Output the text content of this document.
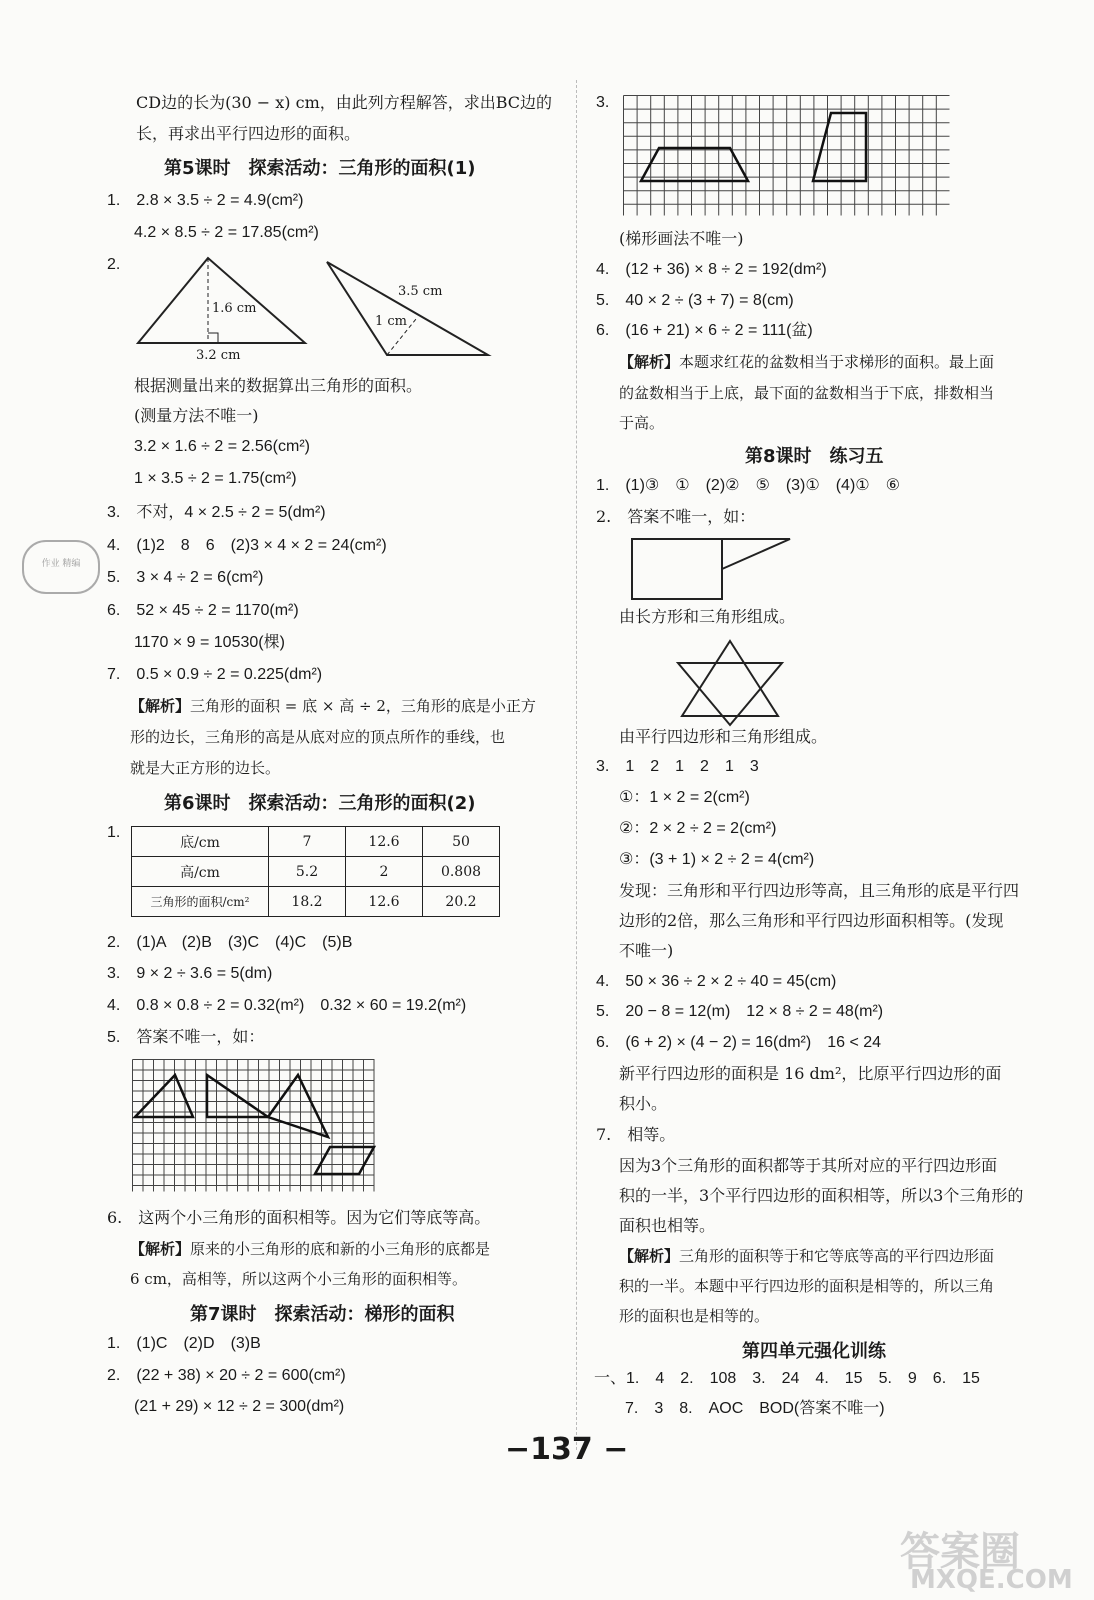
CD边的长为(30 − x) cm，由此列方程解答，求出BC边的
长，再求出平行四边形的面积。
第5课时　探索活动：三角形的面积(1)
1.　2.8 × 3.5 ÷ 2 = 4.9(cm²)
4.2 × 8.5 ÷ 2 = 17.85(cm²)
2.
1.6 cm
3.2 cm
3.5 cm
1 cm
根据测量出来的数据算出三角形的面积。
(测量方法不唯一)
3.2 × 1.6 ÷ 2 = 2.56(cm²)
1 × 3.5 ÷ 2 = 1.75(cm²)
3.　不对，4 × 2.5 ÷ 2 = 5(dm²)
4.　(1)2　8　6　(2)3 × 4 × 2 = 24(cm²)
5.　3 × 4 ÷ 2 = 6(cm²)
6.　52 × 45 ÷ 2 = 1170(m²)
1170 × 9 = 10530(棵)
7.　0.5 × 0.9 ÷ 2 = 0.225(dm²)
【解析】三角形的面积 = 底 × 高 ÷ 2，三角形的底是小正方
形的边长，三角形的高是从底对应的顶点所作的垂线，也
就是大正方形的边长。
作业 精编
第6课时　探索活动：三角形的面积(2)
1.
底/cm	7	12.6	50
高/cm	5.2	2	0.808
三角形的面积/cm²	18.2	12.6	20.2
2.　(1)A　(2)B　(3)C　(4)C　(5)B
3.　9 × 2 ÷ 3.6 = 5(dm)
4.　0.8 × 0.8 ÷ 2 = 0.32(m²)　0.32 × 60 = 19.2(m²)
5.　答案不唯一，如：
6.　这两个小三角形的面积相等。因为它们等底等高。
【解析】原来的小三角形的底和新的小三角形的底都是
6 cm，高相等，所以这两个小三角形的面积相等。
第7课时　探索活动：梯形的面积
1.　(1)C　(2)D　(3)B
2.　(22 + 38) × 20 ÷ 2 = 600(cm²)
(21 + 29) × 12 ÷ 2 = 300(dm²)
3.
(梯形画法不唯一)
4.　(12 + 36) × 8 ÷ 2 = 192(dm²)
5.　40 × 2 ÷ (3 + 7) = 8(cm)
6.　(16 + 21) × 6 ÷ 2 = 111(盆)
【解析】本题求红花的盆数相当于求梯形的面积。最上面
的盆数相当于上底，最下面的盆数相当于下底，排数相当
于高。
第8课时　练习五
1.　(1)③　①　(2)②　⑤　(3)①　(4)①　⑥
2.　答案不唯一，如：
由长方形和三角形组成。
由平行四边形和三角形组成。
3.　1　2　1　2　1　3
①：1 × 2 = 2(cm²)
②：2 × 2 ÷ 2 = 2(cm²)
③：(3 + 1) × 2 ÷ 2 = 4(cm²)
发现：三角形和平行四边形等高，且三角形的底是平行四
边形的2倍，那么三角形和平行四边形面积相等。(发现
不唯一)
4.　50 × 36 ÷ 2 × 2 ÷ 40 = 45(cm)
5.　20 − 8 = 12(m)　12 × 8 ÷ 2 = 48(m²)
6.　(6 + 2) × (4 − 2) = 16(dm²)　16 < 24
新平行四边形的面积是 16 dm²，比原平行四边形的面
积小。
7.　相等。
因为3个三角形的面积都等于其所对应的平行四边形面
积的一半，3个平行四边形的面积相等，所以3个三角形的
面积也相等。
【解析】三角形的面积等于和它等底等高的平行四边形面
积的一半。本题中平行四边形的面积是相等的，所以三角
形的面积也是相等的。
第四单元强化训练
一、1.　4　2.　108　3.　24　4.　15　5.　9　6.　15
7.　3　8.　AOC　BOD(答案不唯一)
−137 −
答案圈
MXQE.COM
